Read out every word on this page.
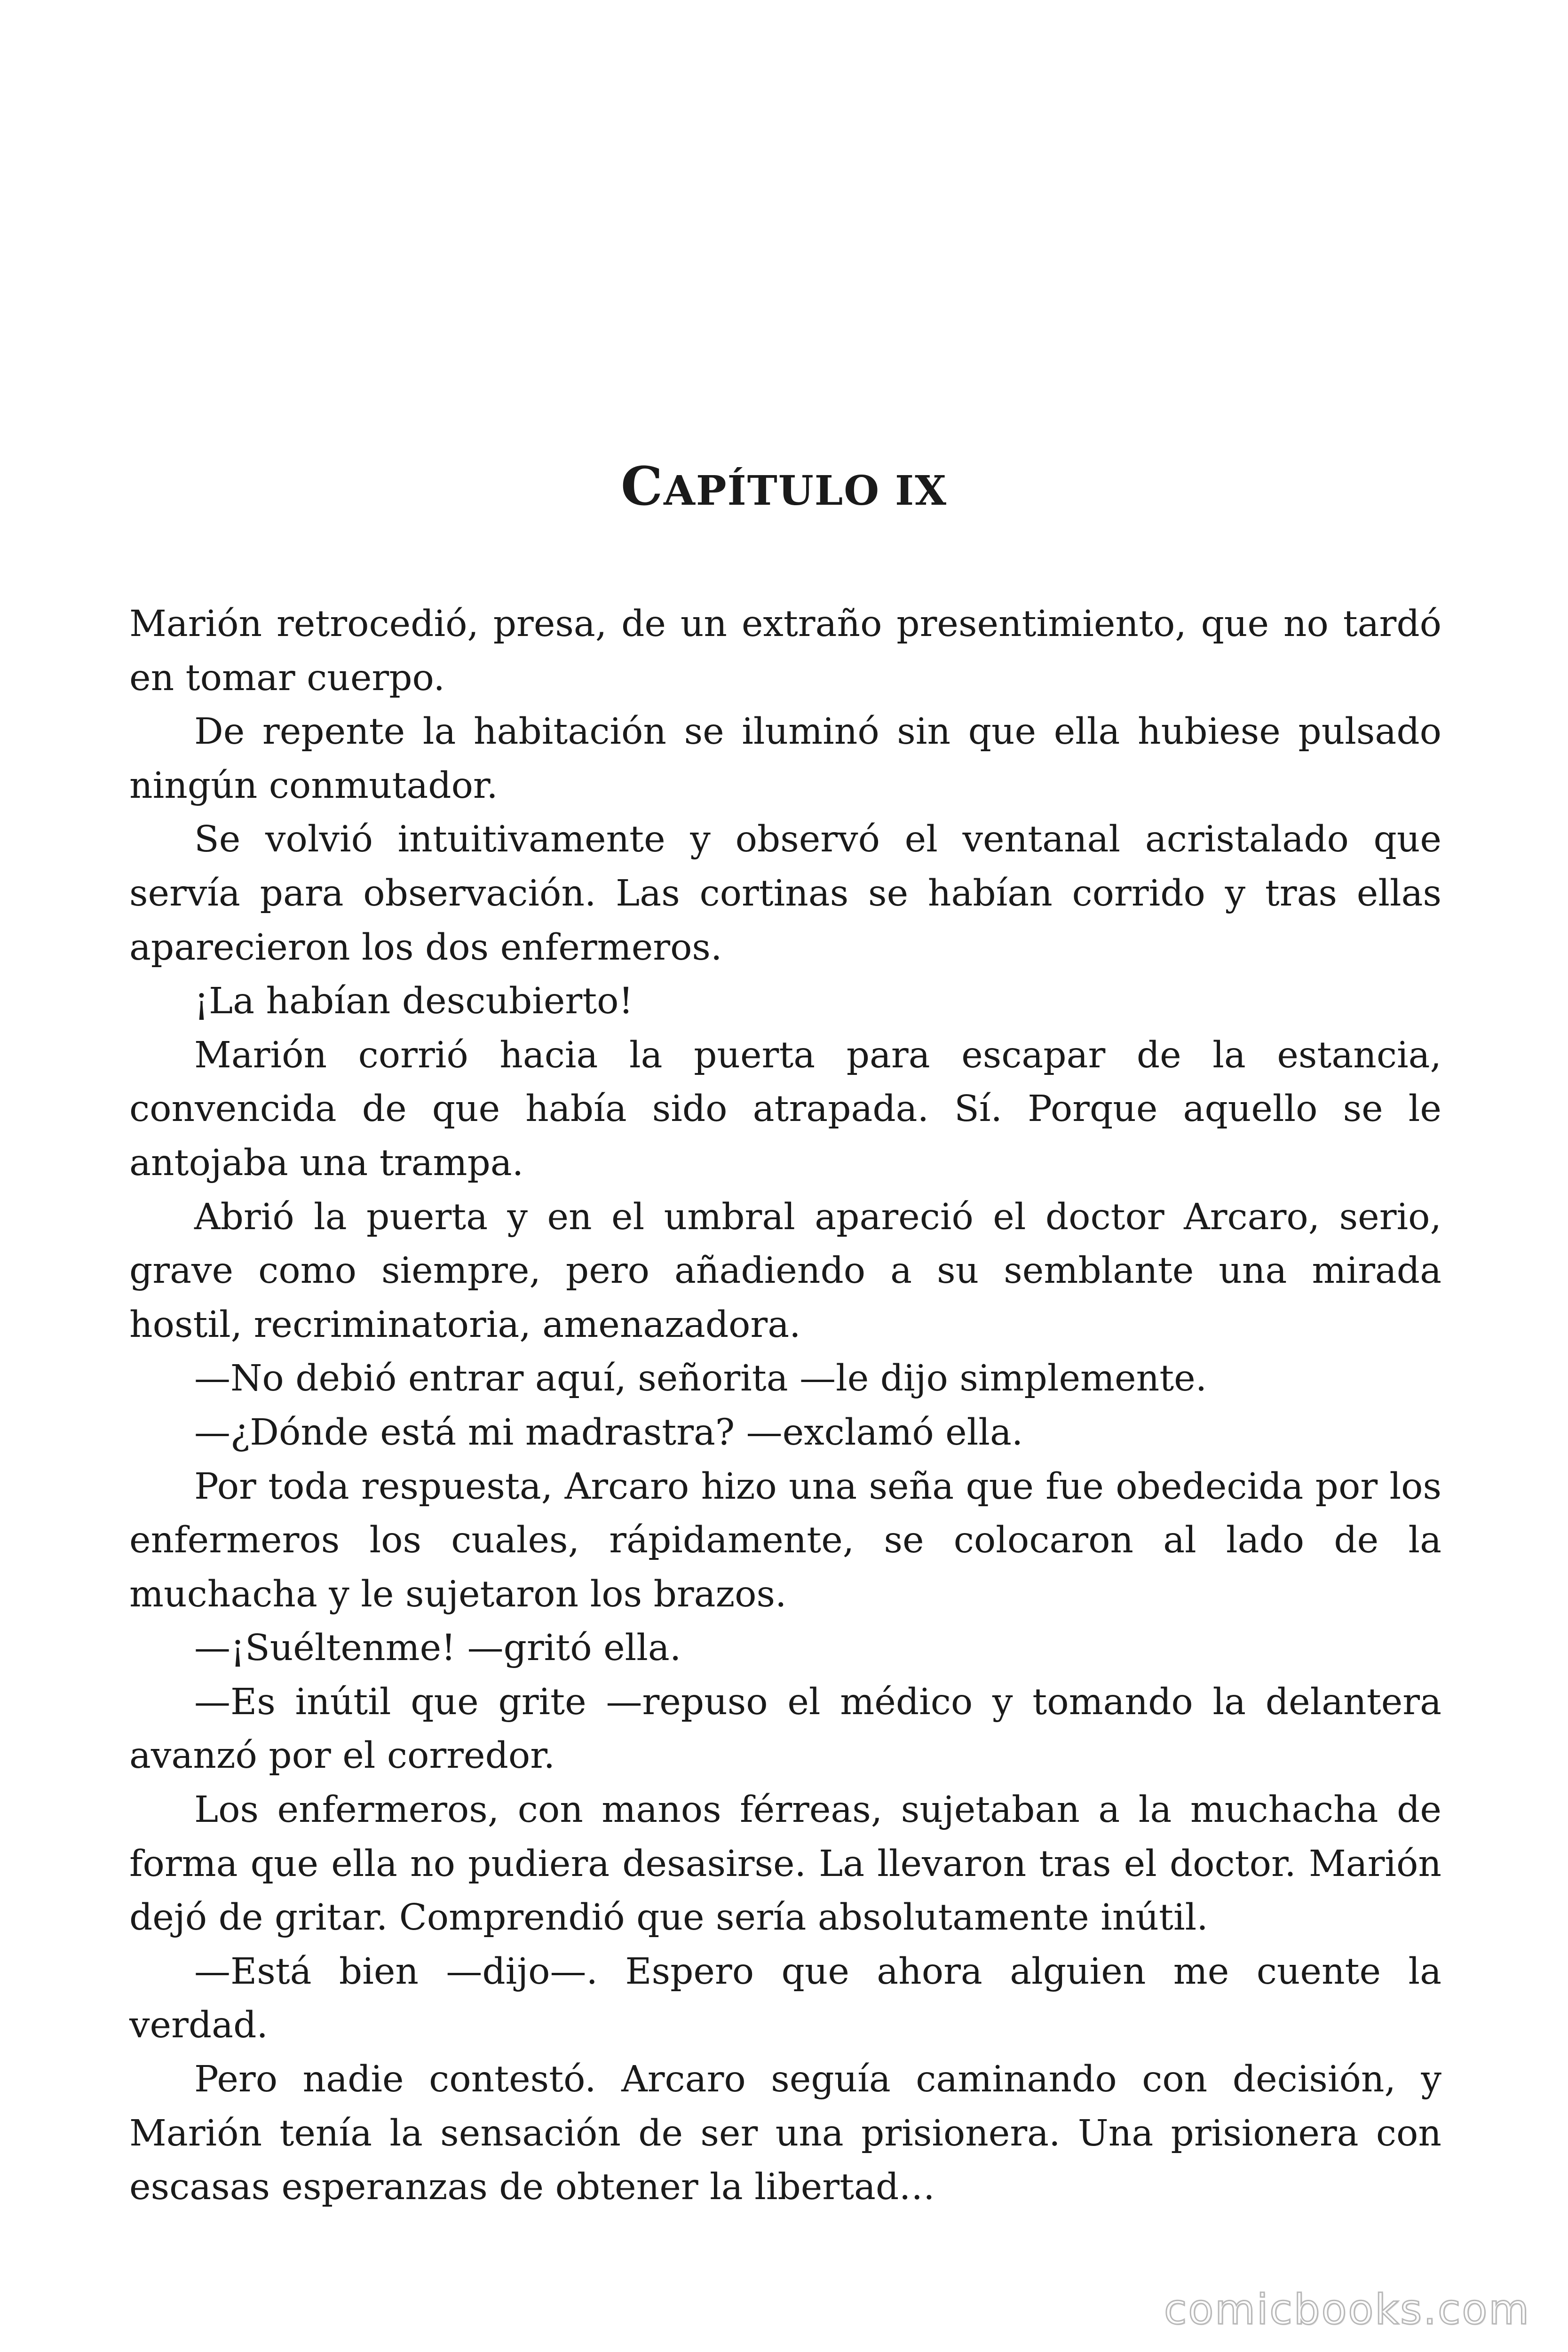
CAPÍTULO IX

Marión retrocedió, presa, de un extraño presentimiento, que no tardó en tomar cuerpo.

De repente la habitación se iluminó sin que ella hubiese pulsado ningún conmutador.

Se volvió intuitivamente y observó el ventanal acristalado que servía para observación. Las cortinas se habían corrido y tras ellas aparecieron los dos enfermeros.

¡La habían descubierto!

Marión corrió hacia la puerta para escapar de la estancia, convencida de que había sido atrapada. Sí. Porque aquello se le antojaba una trampa.

Abrió la puerta y en el umbral apareció el doctor Arcaro, serio, grave como siempre, pero añadiendo a su semblante una mirada hostil, recriminatoria, amenazadora.

—No debió entrar aquí, señorita —le dijo simplemente.

—¿Dónde está mi madrastra? —exclamó ella.

Por toda respuesta, Arcaro hizo una seña que fue obedecida por los enfermeros los cuales, rápidamente, se colocaron al lado de la muchacha y le sujetaron los brazos.

—¡Suéltenme! —gritó ella.

—Es inútil que grite —repuso el médico y tomando la delantera avanzó por el corredor.

Los enfermeros, con manos férreas, sujetaban a la muchacha de forma que ella no pudiera desasirse. La llevaron tras el doctor. Marión dejó de gritar. Comprendió que sería absolutamente inútil.

—Está bien —dijo—. Espero que ahora alguien me cuente la verdad.

Pero nadie contestó. Arcaro seguía caminando con decisión, y Marión tenía la sensación de ser una prisionera. Una prisionera con escasas esperanzas de obtener la libertad…

comicbooks.com
